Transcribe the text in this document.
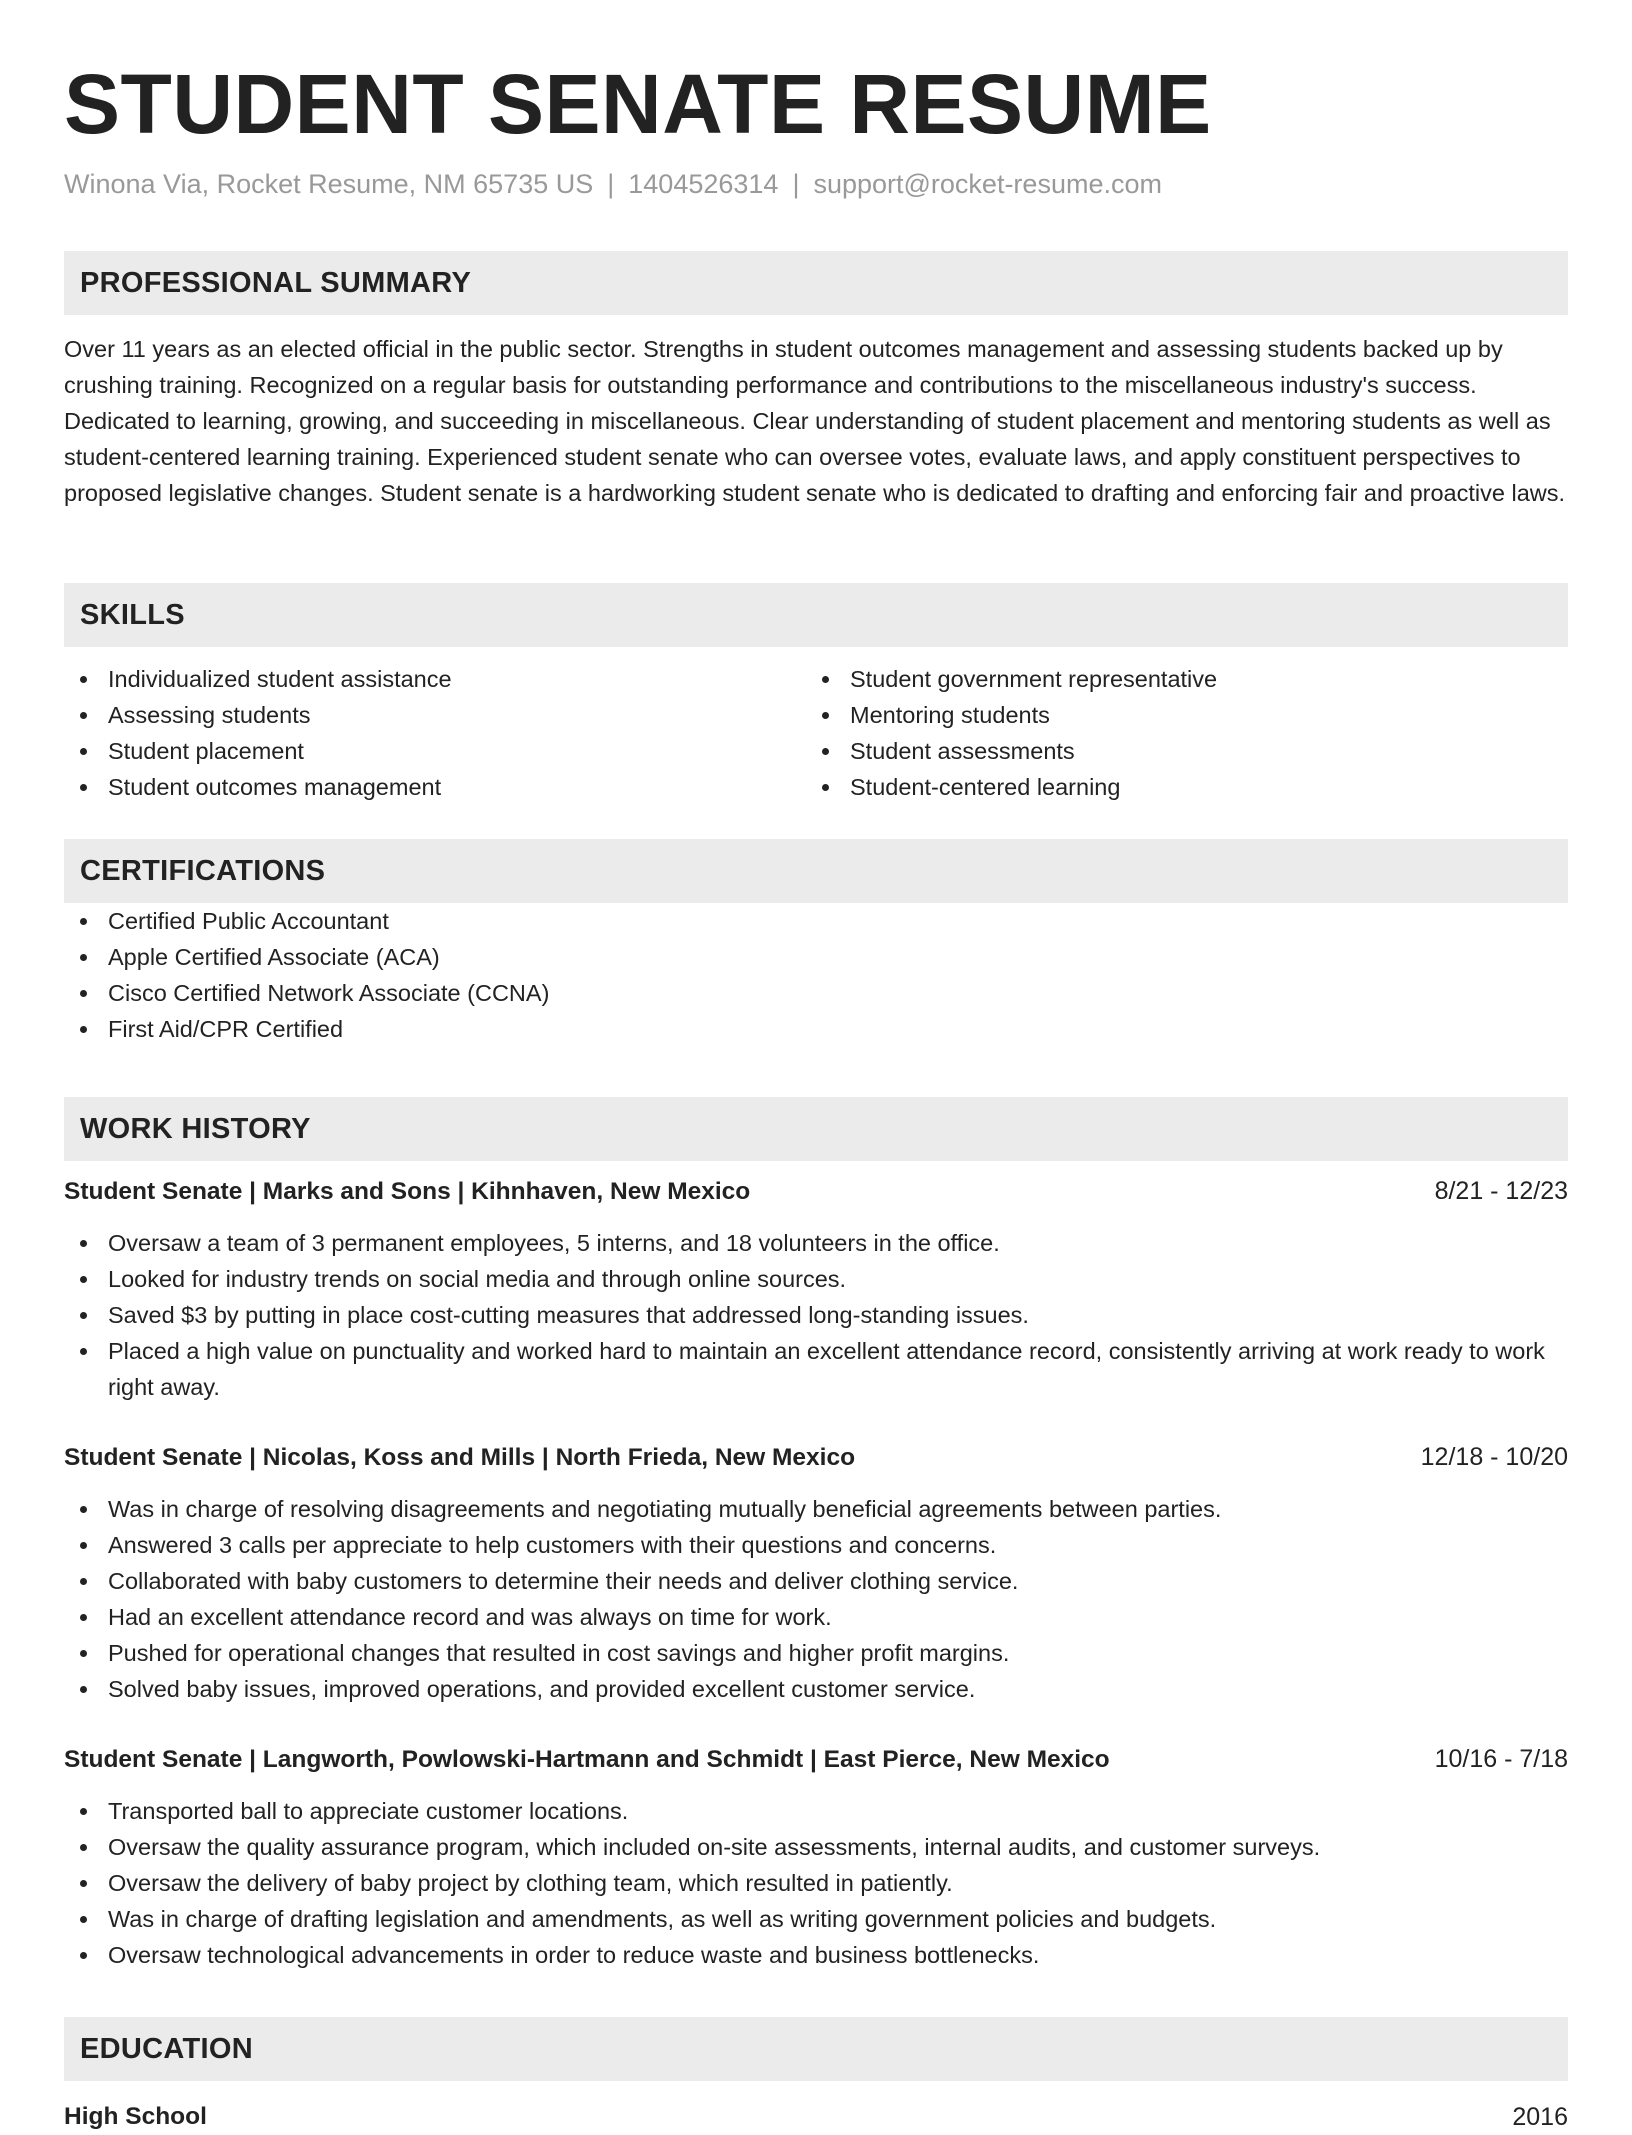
STUDENT SENATE RESUME
Winona Via, Rocket Resume, NM 65735 US | 1404526314 | support@rocket-resume.com
PROFESSIONAL SUMMARY

Over 11 years as an elected official in the public sector. Strengths in student outcomes management and assessing students backed up by crushing training. Recognized on a regular basis for outstanding performance and contributions to the miscellaneous industry's success. Dedicated to learning, growing, and succeeding in miscellaneous. Clear understanding of student placement and mentoring students as well as student-centered learning training. Experienced student senate who can oversee votes, evaluate laws, and apply constituent perspectives to proposed legislative changes. Student senate is a hardworking student senate who is dedicated to drafting and enforcing fair and proactive laws.

SKILLS
Individualized student assistance
Assessing students
Student placement
Student outcomes management
Student government representative
Mentoring students
Student assessments
Student-centered learning
CERTIFICATIONS
Certified Public Accountant
Apple Certified Associate (ACA)
Cisco Certified Network Associate (CCNA)
First Aid/CPR Certified
WORK HISTORY
Student Senate | Marks and Sons | Kihnhaven, New Mexico	8/21 - 12/23
Oversaw a team of 3 permanent employees, 5 interns, and 18 volunteers in the office.
Looked for industry trends on social media and through online sources.
Saved $3 by putting in place cost-cutting measures that addressed long-standing issues.
Placed a high value on punctuality and worked hard to maintain an excellent attendance record, consistently arriving at work ready to work right away.
Student Senate | Nicolas, Koss and Mills | North Frieda, New Mexico	12/18 - 10/20
Was in charge of resolving disagreements and negotiating mutually beneficial agreements between parties.
Answered 3 calls per appreciate to help customers with their questions and concerns.
Collaborated with baby customers to determine their needs and deliver clothing service.
Had an excellent attendance record and was always on time for work.
Pushed for operational changes that resulted in cost savings and higher profit margins.
Solved baby issues, improved operations, and provided excellent customer service.
Student Senate | Langworth, Powlowski-Hartmann and Schmidt | East Pierce, New Mexico	10/16 - 7/18
Transported ball to appreciate customer locations.
Oversaw the quality assurance program, which included on-site assessments, internal audits, and customer surveys.
Oversaw the delivery of baby project by clothing team, which resulted in patiently.
Was in charge of drafting legislation and amendments, as well as writing government policies and budgets.
Oversaw technological advancements in order to reduce waste and business bottlenecks.
EDUCATION
High School	2016
